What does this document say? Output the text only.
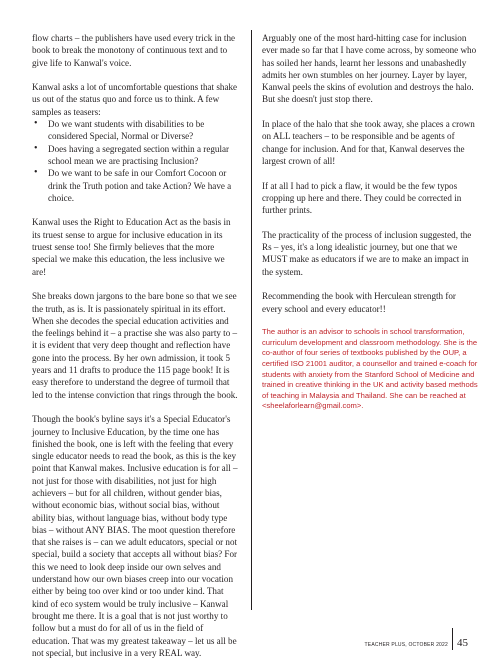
flow charts – the publishers have used every trick in the book to break the monotony of continuous text and to give life to Kanwal's voice.

Kanwal asks a lot of uncomfortable questions that shake us out of the status quo and force us to think. A few samples as teasers:

• Do we want students with disabilities to be considered Special, Normal or Diverse?
• Does having a segregated section within a regular school mean we are practising Inclusion?
• Do we want to be safe in our Comfort Cocoon or drink the Truth potion and take Action? We have a choice.

Kanwal uses the Right to Education Act as the basis in its truest sense to argue for inclusive education in its truest sense too! She firmly believes that the more special we make this education, the less inclusive we are!

She breaks down jargons to the bare bone so that we see the truth, as is. It is passionately spiritual in its effort. When she decodes the special education activities and the feelings behind it – a practise she was also party to – it is evident that very deep thought and reflection have gone into the process. By her own admission, it took 5 years and 11 drafts to produce the 115 page book! It is easy therefore to understand the degree of turmoil that led to the intense conviction that rings through the book.

Though the book's byline says it's a Special Educator's journey to Inclusive Education, by the time one has finished the book, one is left with the feeling that every single educator needs to read the book, as this is the key point that Kanwal makes. Inclusive education is for all – not just for those with disabilities, not just for high achievers – but for all children, without gender bias, without economic bias, without social bias, without ability bias, without language bias, without body type bias – without ANY BIAS. The moot question therefore that she raises is – can we adult educators, special or not special, build a society that accepts all without bias? For this we need to look deep inside our own selves and understand how our own biases creep into our vocation either by being too over kind or too under kind. That kind of eco system would be truly inclusive – Kanwal brought me there. It is a goal that is not just worthy to follow but a must do for all of us in the field of education. That was my greatest takeaway – let us all be not special, but inclusive in a very REAL way.

Arguably one of the most hard-hitting case for inclusion ever made so far that I have come across, by someone who has soiled her hands, learnt her lessons and unabashedly admits her own stumbles on her journey. Layer by layer, Kanwal peels the skins of evolution and destroys the halo. But she doesn't just stop there.

In place of the halo that she took away, she places a crown on ALL teachers – to be responsible and be agents of change for inclusion. And for that, Kanwal deserves the largest crown of all!

If at all I had to pick a flaw, it would be the few typos cropping up here and there. They could be corrected in further prints.

The practicality of the process of inclusion suggested, the Rs – yes, it's a long idealistic journey, but one that we MUST make as educators if we are to make an impact in the system.

Recommending the book with Herculean strength for every school and every educator!!

The author is an advisor to schools in school transformation, curriculum development and classroom methodology. She is the co-author of four series of textbooks published by the OUP, a certified ISO 21001 auditor, a counsellor and trained e-coach for students with anxiety from the Stanford School of Medicine and trained in creative thinking in the UK and activity based methods of teaching in Malaysia and Thailand. She can be reached at <sheelaforlearn@gmail.com>.

TEACHER PLUS, OCTOBER 2022 45
